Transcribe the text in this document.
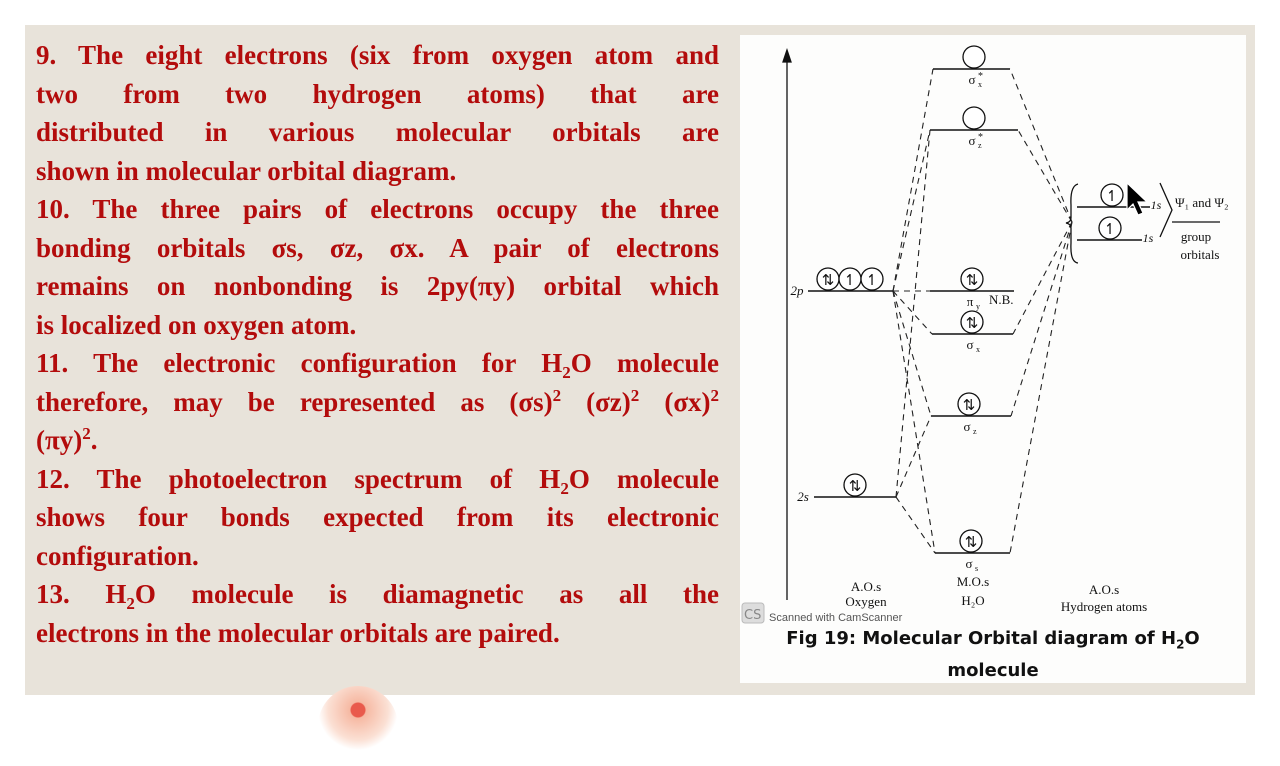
9. The eight electrons (six from oxygen atom and
two from two hydrogen atoms) that are
distributed in various molecular orbitals are
shown in molecular orbital diagram.
10. The three pairs of electrons occupy the three
bonding orbitals σs, σz, σx. A pair of electrons
remains on nonbonding is 2py(πy) orbital which
is localized on oxygen atom.
11. The electronic configuration for $H_2O$ molecule
therefore, may be represented as $(\sigma s)^2$ $(\sigma z)^2$ $(\sigma x)^2$
$(\pi y)^2$.
12. The photoelectron spectrum of $H_2O$ molecule
shows four bonds expected from its electronic
configuration.
13. $H_2O$ molecule is diamagnetic as all the
electrons in the molecular orbitals are paired.
⇅
⇅
⇅
⇅
⇅ ↿ ↿
⇅
↿
↿
σ x
*
σ z
*
π y N.B.
σ x
σ z
σ s
2p
2s
1s
1s
Ψ₁ and Ψ₂
group
orbitals
A.O.s
Oxygen
M.O.s
H₂O
A.O.s
Hydrogen atoms
CS Scanned with CamScanner
Fig 19: Molecular Orbital diagram of $H_2O$
molecule
